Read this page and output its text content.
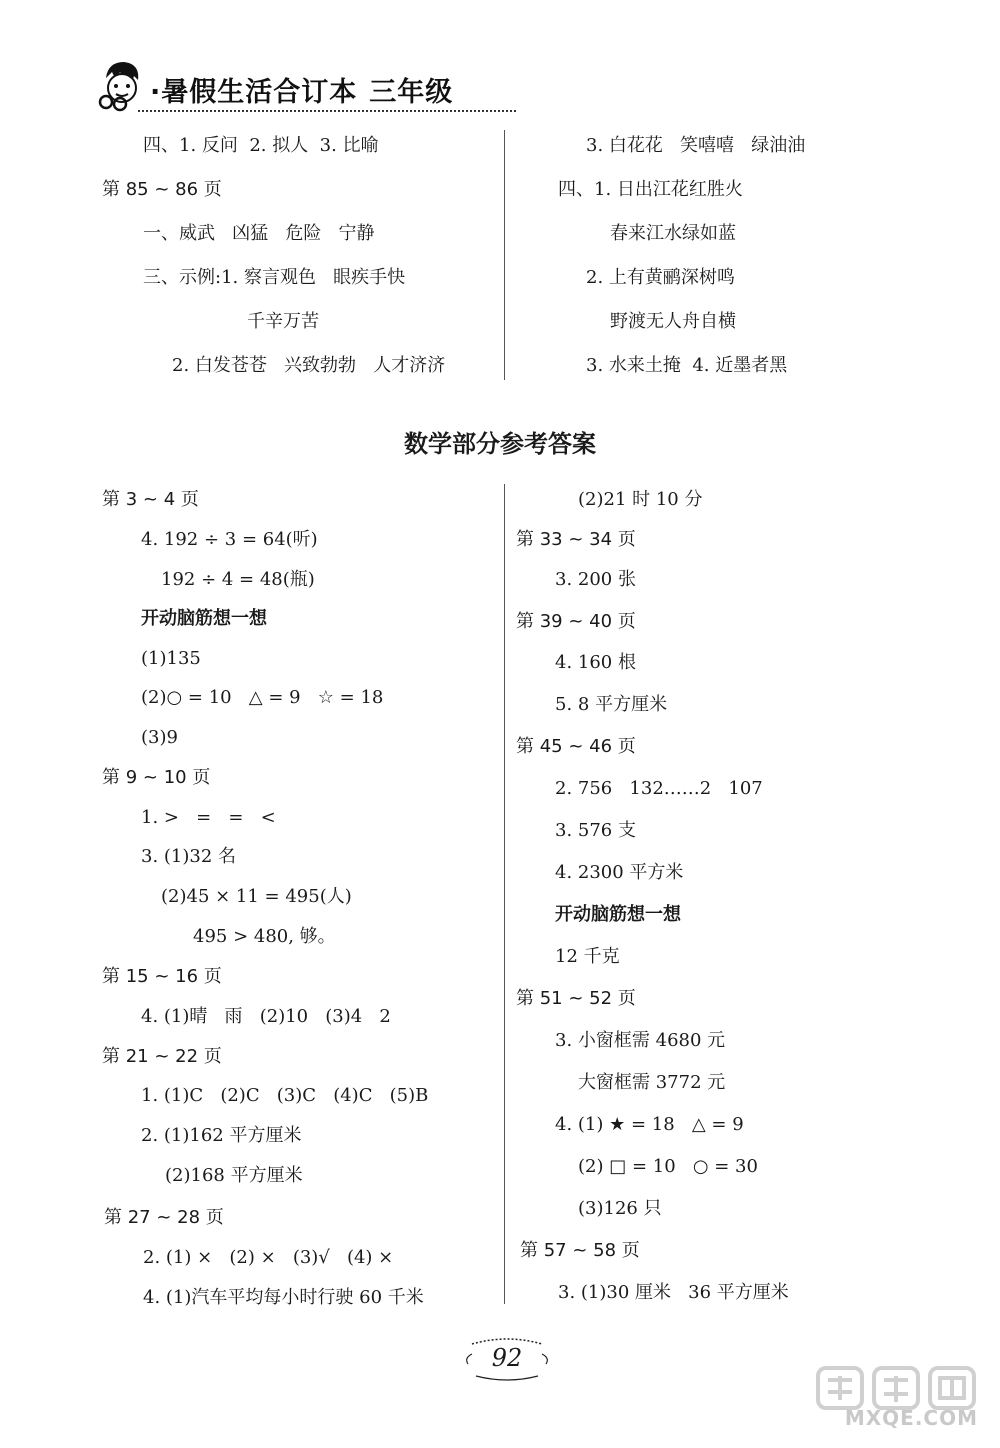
·暑假生活合订本 三年级
四、1. 反问  2. 拟人  3. 比喻
第 85 ~ 86 页
一、威武   凶猛   危险   宁静
三、示例:1. 察言观色   眼疾手快
千辛万苦
2. 白发苍苍   兴致勃勃   人才济济
3. 白花花   笑嘻嘻   绿油油
四、1. 日出江花红胜火
春来江水绿如蓝
2. 上有黄鹂深树鸣
野渡无人舟自横
3. 水来土掩  4. 近墨者黑
数学部分参考答案
第 3 ~ 4 页
4. 192 ÷ 3 = 64(听)
192 ÷ 4 = 48(瓶)
开动脑筋想一想
(1)135
(2)○ = 10   △ = 9   ☆ = 18
(3)9
第 9 ~ 10 页
1. >   =   =   <
3. (1)32 名
(2)45 × 11 = 495(人)
495 > 480, 够。
第 15 ~ 16 页
4. (1)晴   雨   (2)10   (3)4   2
第 21 ~ 22 页
1. (1)C   (2)C   (3)C   (4)C   (5)B
2. (1)162 平方厘米
(2)168 平方厘米
第 27 ~ 28 页
2. (1) ×   (2) ×   (3)√   (4) ×
4. (1)汽车平均每小时行驶 60 千米
(2)21 时 10 分
第 33 ~ 34 页
3. 200 张
第 39 ~ 40 页
4. 160 根
5. 8 平方厘米
第 45 ~ 46 页
2. 756   132……2   107
3. 576 支
4. 2300 平方米
开动脑筋想一想
12 千克
第 51 ~ 52 页
3. 小窗框需 4680 元
大窗框需 3772 元
4. (1) ★ = 18   △ = 9
(2) □ = 10   ○ = 30
(3)126 只
第 57 ~ 58 页
3. (1)30 厘米   36 平方厘米
92
MXQE.COM
